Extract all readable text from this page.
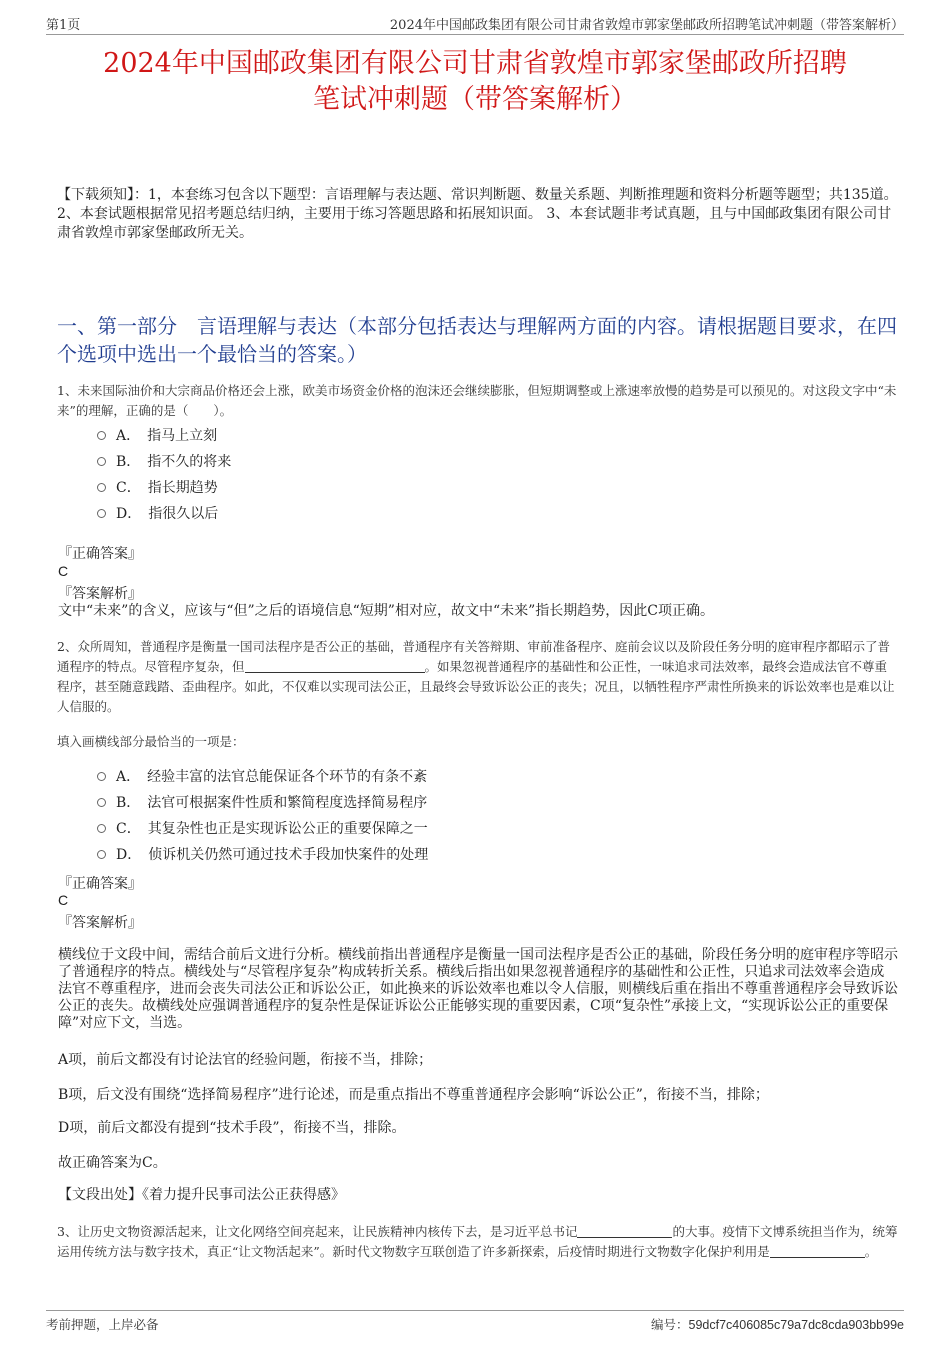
第1页	2024年中国邮政集团有限公司甘肃省敦煌市郭家堡邮政所招聘笔试冲刺题（带答案解析）
2024年中国邮政集团有限公司甘肃省敦煌市郭家堡邮政所招聘
笔试冲刺题（带答案解析）
【下载须知】：1，本套练习包含以下题型：言语理解与表达题、常识判断题、数量关系题、判断推理题和资料分析题等题型；共135道。 2、本套试题根据常见招考题总结归纳，主要用于练习答题思路和拓展知识面。 3、本套试题非考试真题，且与中国邮政集团有限公司甘肃省敦煌市郭家堡邮政所无关。
一、第一部分　言语理解与表达（本部分包括表达与理解两方面的内容。请根据题目要求，在四个选项中选出一个最恰当的答案。）
1、未来国际油价和大宗商品价格还会上涨，欧美市场资金价格的泡沫还会继续膨胀，但短期调整或上涨速率放慢的趋势是可以预见的。对这段文字中“未来”的理解，正确的是（　　）。
A．　指马上立刻
B．　指不久的将来
C．　指长期趋势
D．　指很久以后
『正确答案』
C
『答案解析』
文中“未来”的含义，应该与“但”之后的语境信息“短期”相对应，故文中“未来”指长期趋势，因此C项正确。
2、众所周知，普通程序是衡量一国司法程序是否公正的基础，普通程序有关答辩期、审前准备程序、庭前会议以及阶段任务分明的庭审程序都昭示了普通程序的特点。尽管程序复杂，但	。如果忽视普通程序的基础性和公正性，一味追求司法效率，最终会造成法官不尊重程序，甚至随意践踏、歪曲程序。如此，不仅难以实现司法公正，且最终会导致诉讼公正的丧失；况且，以牺牲程序严肃性所换来的诉讼效率也是难以让人信服的。
填入画横线部分最恰当的一项是：
A．　经验丰富的法官总能保证各个环节的有条不紊
B．　法官可根据案件性质和繁简程度选择简易程序
C．　其复杂性也正是实现诉讼公正的重要保障之一
D．　侦诉机关仍然可通过技术手段加快案件的处理
『正确答案』
C
『答案解析』
横线位于文段中间，需结合前后文进行分析。横线前指出普通程序是衡量一国司法程序是否公正的基础，阶段任务分明的庭审程序等昭示了普通程序的特点。横线处与“尽管程序复杂”构成转折关系。横线后指出如果忽视普通程序的基础性和公正性，只追求司法效率会造成法官不尊重程序，进而会丧失司法公正和诉讼公正，如此换来的诉讼效率也难以令人信服，则横线后重在指出不尊重普通程序会导致诉讼公正的丧失。故横线处应强调普通程序的复杂性是保证诉讼公正能够实现的重要因素，C项“复杂性”承接上文，“实现诉讼公正的重要保障”对应下文，当选。
A项，前后文都没有讨论法官的经验问题，衔接不当，排除；
B项，后文没有围绕“选择简易程序”进行论述，而是重点指出不尊重普通程序会影响“诉讼公正”，衔接不当，排除；
D项，前后文都没有提到“技术手段”，衔接不当，排除。
故正确答案为C。
【文段出处】《着力提升民事司法公正获得感》
3、让历史文物资源活起来，让文化网络空间亮起来，让民族精神内核传下去，是习近平总书记	的大事。疫情下文博系统担当作为，统筹运用传统方法与数字技术，真正“让文物活起来”。新时代文物数字互联创造了许多新探索，后疫情时期进行文物数字化保护利用是	。
考前押题，上岸必备	编号：59dcf7c406085c79a7dc8cda903bb99e
